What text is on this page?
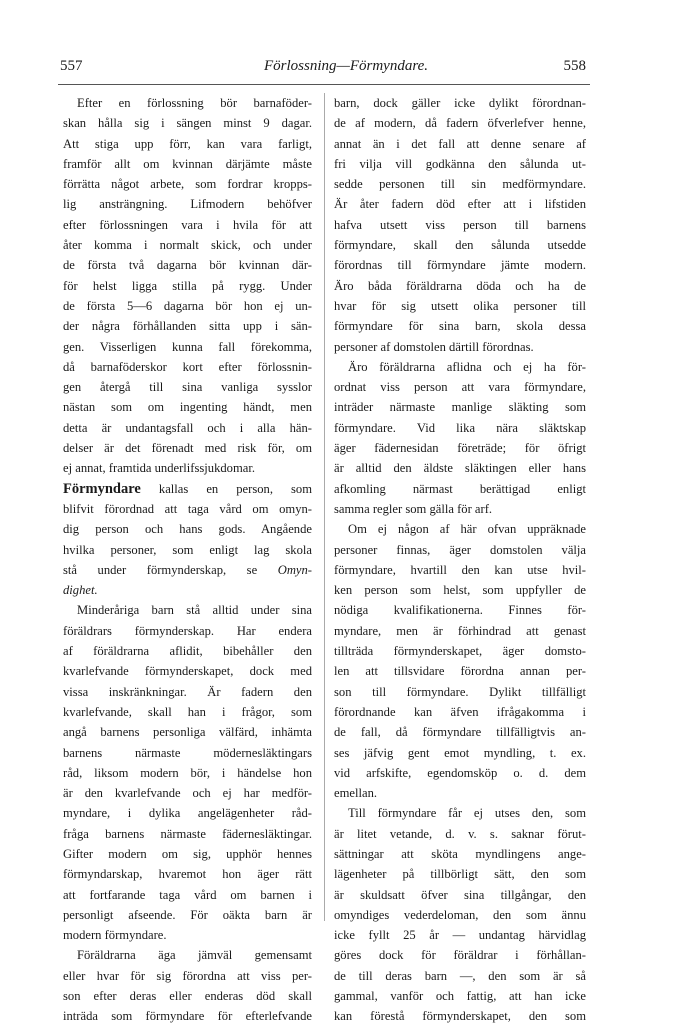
557	Förlossning—Förmyndare.	558
Efter en förlossning bör barnaföder-
skan hålla sig i sängen minst 9 dagar.
Att stiga upp förr, kan vara farligt,
framför allt om kvinnan därjämte måste
förrätta något arbete, som fordrar kropps-
lig ansträngning. Lifmodern behöfver
efter förlossningen vara i hvila för att
åter komma i normalt skick, och under
de första två dagarna bör kvinnan där-
för helst ligga stilla på rygg. Under
de första 5—6 dagarna bör hon ej un-
der några förhållanden sitta upp i sän-
gen. Visserligen kunna fall förekomma,
då barnaföderskor kort efter förlossnin-
gen återgå till sina vanliga sysslor
nästan som om ingenting händt, men
detta är undantagsfall och i alla hän-
delser är det förenadt med risk för, om
ej annat, framtida underlifssjukdomar.
Förmyndare kallas en person, som
blifvit förordnad att taga vård om omyn-
dig person och hans gods. Angående
hvilka personer, som enligt lag skola
stå under förmynderskap, se Omyn-
dighet.
Minderåriga barn stå alltid under sina
föräldrars förmynderskap. Har endera
af föräldrarna aflidit, bibehåller den
kvarlefvande förmynderskapet, dock med
vissa inskränkningar. Är fadern den
kvarlefvande, skall han i frågor, som
angå barnens personliga välfärd, inhämta
barnens närmaste mödernesläktingars
råd, liksom modern bör, i händelse hon
är den kvarlefvande och ej har medför-
myndare, i dylika angelägenheter råd-
fråga barnens närmaste fädernesläktingar.
Gifter modern om sig, upphör hennes
förmyndarskap, hvaremot hon äger rätt
att fortfarande taga vård om barnen i
personligt afseende. För oäkta barn är
modern förmyndare.
Föräldrarna äga jämväl gemensamt
eller hvar för sig förordna att viss per-
son efter deras eller enderas död skall
inträda som förmyndare för efterlefvande
barn, dock gäller icke dylikt förordnan-
de af modern, då fadern öfverlefver henne,
annat än i det fall att denne senare af
fri vilja vill godkänna den sålunda ut-
sedde personen till sin medförmyndare.
Är åter fadern död efter att i lifstiden
hafva utsett viss person till barnens
förmyndare, skall den sålunda utsedde
förordnas till förmyndare jämte modern.
Äro båda föräldrarna döda och ha de
hvar för sig utsett olika personer till
förmyndare för sina barn, skola dessa
personer af domstolen därtill förordnas.
Äro föräldrarna aflidna och ej ha för-
ordnat viss person att vara förmyndare,
inträder närmaste manlige släkting som
förmyndare. Vid lika nära släktskap
äger fädernesidan företräde; för öfrigt
är alltid den äldste släktingen eller hans
afkomling närmast berättigad enligt
samma regler som gälla för arf.
Om ej någon af här ofvan uppräknade
personer finnas, äger domstolen välja
förmyndare, hvartill den kan utse hvil-
ken person som helst, som uppfyller de
nödiga kvalifikationerna. Finnes för-
myndare, men är förhindrad att genast
tillträda förmynderskapet, äger domsto-
len att tillsvidare förordna annan per-
son till förmyndare. Dylikt tillfälligt
förordnande kan äfven ifrågakomma i
de fall, då förmyndare tillfälligtvis an-
ses jäfvig gent emot myndling, t. ex.
vid arfskifte, egendomsköp o. d. dem
emellan.
Till förmyndare får ej utses den, som
är litet vetande, d. v. s. saknar förut-
sättningar att sköta myndlingens ange-
lägenheter på tillbörligt sätt, den som
är skuldsatt öfver sina tillgångar, den
omyndiges vederdeloman, den som ännu
icke fyllt 25 år — undantag härvidlag
göres dock för föräldrar i förhållan-
de till deras barn —, den som är så
gammal, vanför och fattig, att han icke
kan förestå förmynderskapet, den som
